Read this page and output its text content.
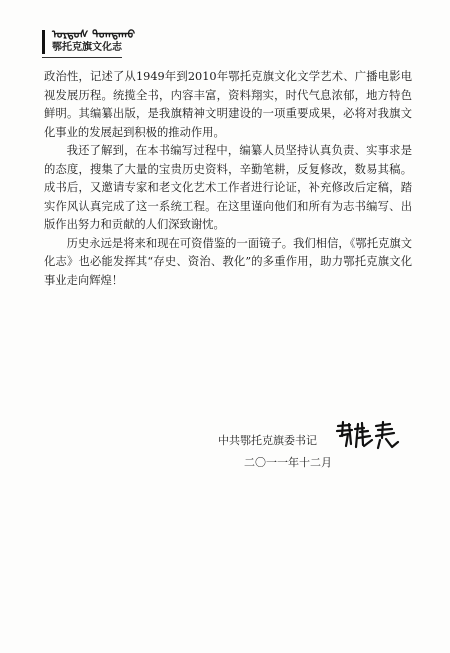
ᠣᠷᠳᠣᠰ ᠲᠣᠭᠲᠠᠬᠤ
鄂托克旗文化志

政治性，记述了从1949年到2010年鄂托克旗文化文学艺术、广播电影电视发展历程。统揽全书，内容丰富，资料翔实，时代气息浓郁，地方特色鲜明。其编纂出版，是我旗精神文明建设的一项重要成果，必将对我旗文化事业的发展起到积极的推动作用。

我还了解到，在本书编写过程中，编纂人员坚持认真负责、实事求是的态度，搜集了大量的宝贵历史资料，辛勤笔耕，反复修改，数易其稿。成书后，又邀请专家和老文化艺术工作者进行论证，补充修改后定稿，踏实作风认真完成了这一系统工程。在这里谨向他们和所有为志书编写、出版作出努力和贡献的人们深致谢忱。

历史永远是将来和现在可资借鉴的一面镜子。我们相信，《鄂托克旗文化志》也必能发挥其“存史、资治、教化”的多重作用，助力鄂托克旗文化事业走向辉煌！

中共鄂托克旗委书记
二〇一一年十二月
